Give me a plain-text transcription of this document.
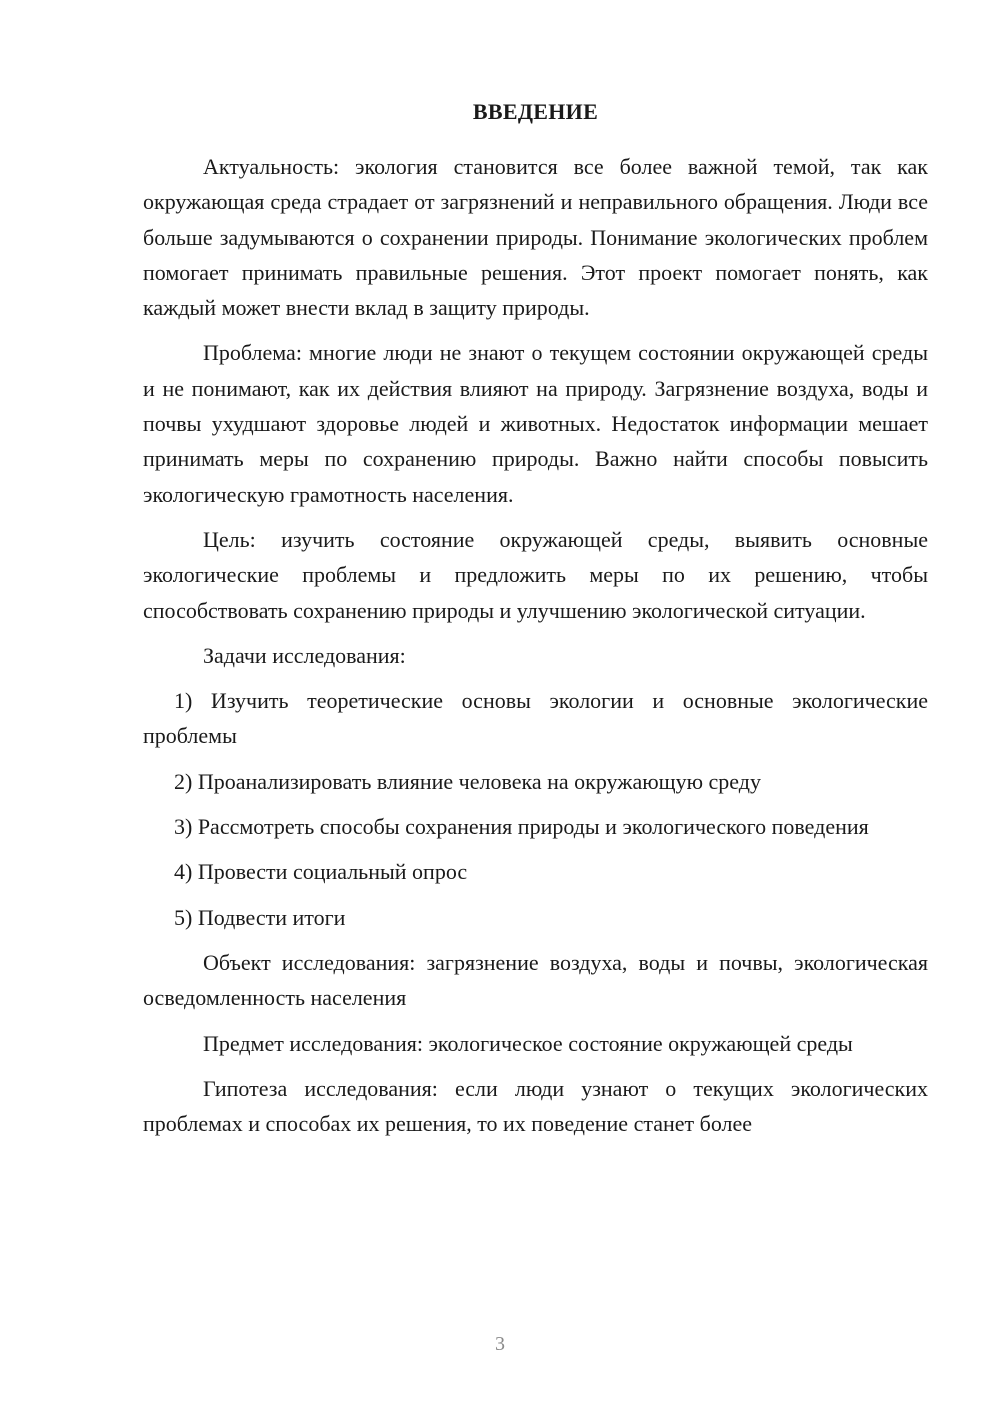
ВВЕДЕНИЕ

Актуальность: экология становится все более важной темой, так как окружающая среда страдает от загрязнений и неправильного обращения. Люди все больше задумываются о сохранении природы. Понимание экологических проблем помогает принимать правильные решения. Этот проект помогает понять, как каждый может внести вклад в защиту природы.

Проблема: многие люди не знают о текущем состоянии окружающей среды и не понимают, как их действия влияют на природу. Загрязнение воздуха, воды и почвы ухудшают здоровье людей и животных. Недостаток информации мешает принимать меры по сохранению природы. Важно найти способы повысить экологическую грамотность населения.

Цель: изучить состояние окружающей среды, выявить основные экологические проблемы и предложить меры по их решению, чтобы способствовать сохранению природы и улучшению экологической ситуации.

Задачи исследования:

1) Изучить теоретические основы экологии и основные экологические проблемы

2) Проанализировать влияние человека на окружающую среду

3) Рассмотреть способы сохранения природы и экологического поведения

4) Провести социальный опрос

5) Подвести итоги

Объект исследования: загрязнение воздуха, воды и почвы, экологическая осведомленность населения

Предмет исследования: экологическое состояние окружающей среды

Гипотеза исследования: если люди узнают о текущих экологических проблемах и способах их решения, то их поведение станет более

3
